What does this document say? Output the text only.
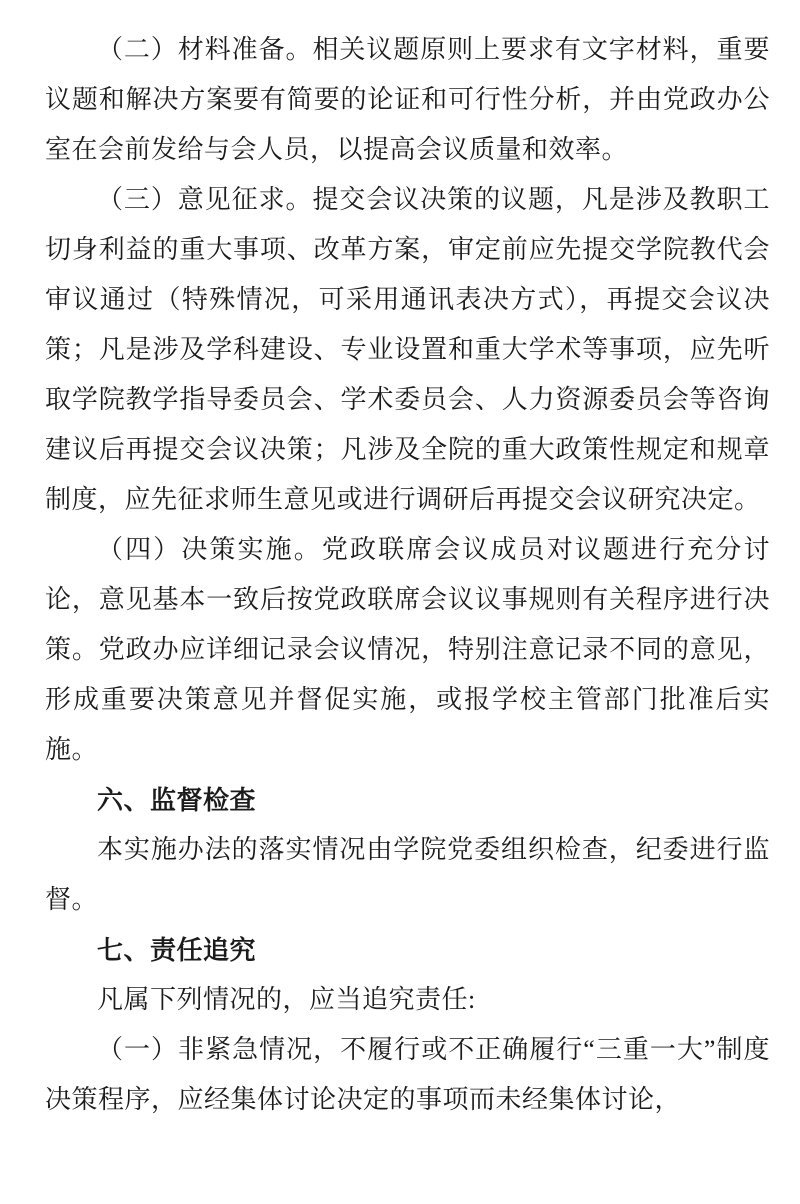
（二）材料准备。相关议题原则上要求有文字材料，重要议题和解决方案要有简要的论证和可行性分析，并由党政办公室在会前发给与会人员，以提高会议质量和效率。

（三）意见征求。提交会议决策的议题，凡是涉及教职工切身利益的重大事项、改革方案，审定前应先提交学院教代会审议通过（特殊情况，可采用通讯表决方式），再提交会议决策；凡是涉及学科建设、专业设置和重大学术等事项，应先听取学院教学指导委员会、学术委员会、人力资源委员会等咨询建议后再提交会议决策；凡涉及全院的重大政策性规定和规章制度，应先征求师生意见或进行调研后再提交会议研究决定。

（四）决策实施。党政联席会议成员对议题进行充分讨论，意见基本一致后按党政联席会议议事规则有关程序进行决策。党政办应详细记录会议情况，特别注意记录不同的意见，形成重要决策意见并督促实施，或报学校主管部门批准后实施。

六、监督检查

本实施办法的落实情况由学院党委组织检查，纪委进行监督。

七、责任追究

凡属下列情况的，应当追究责任:

（一）非紧急情况，不履行或不正确履行“三重一大”制度决策程序，应经集体讨论决定的事项而未经集体讨论，
